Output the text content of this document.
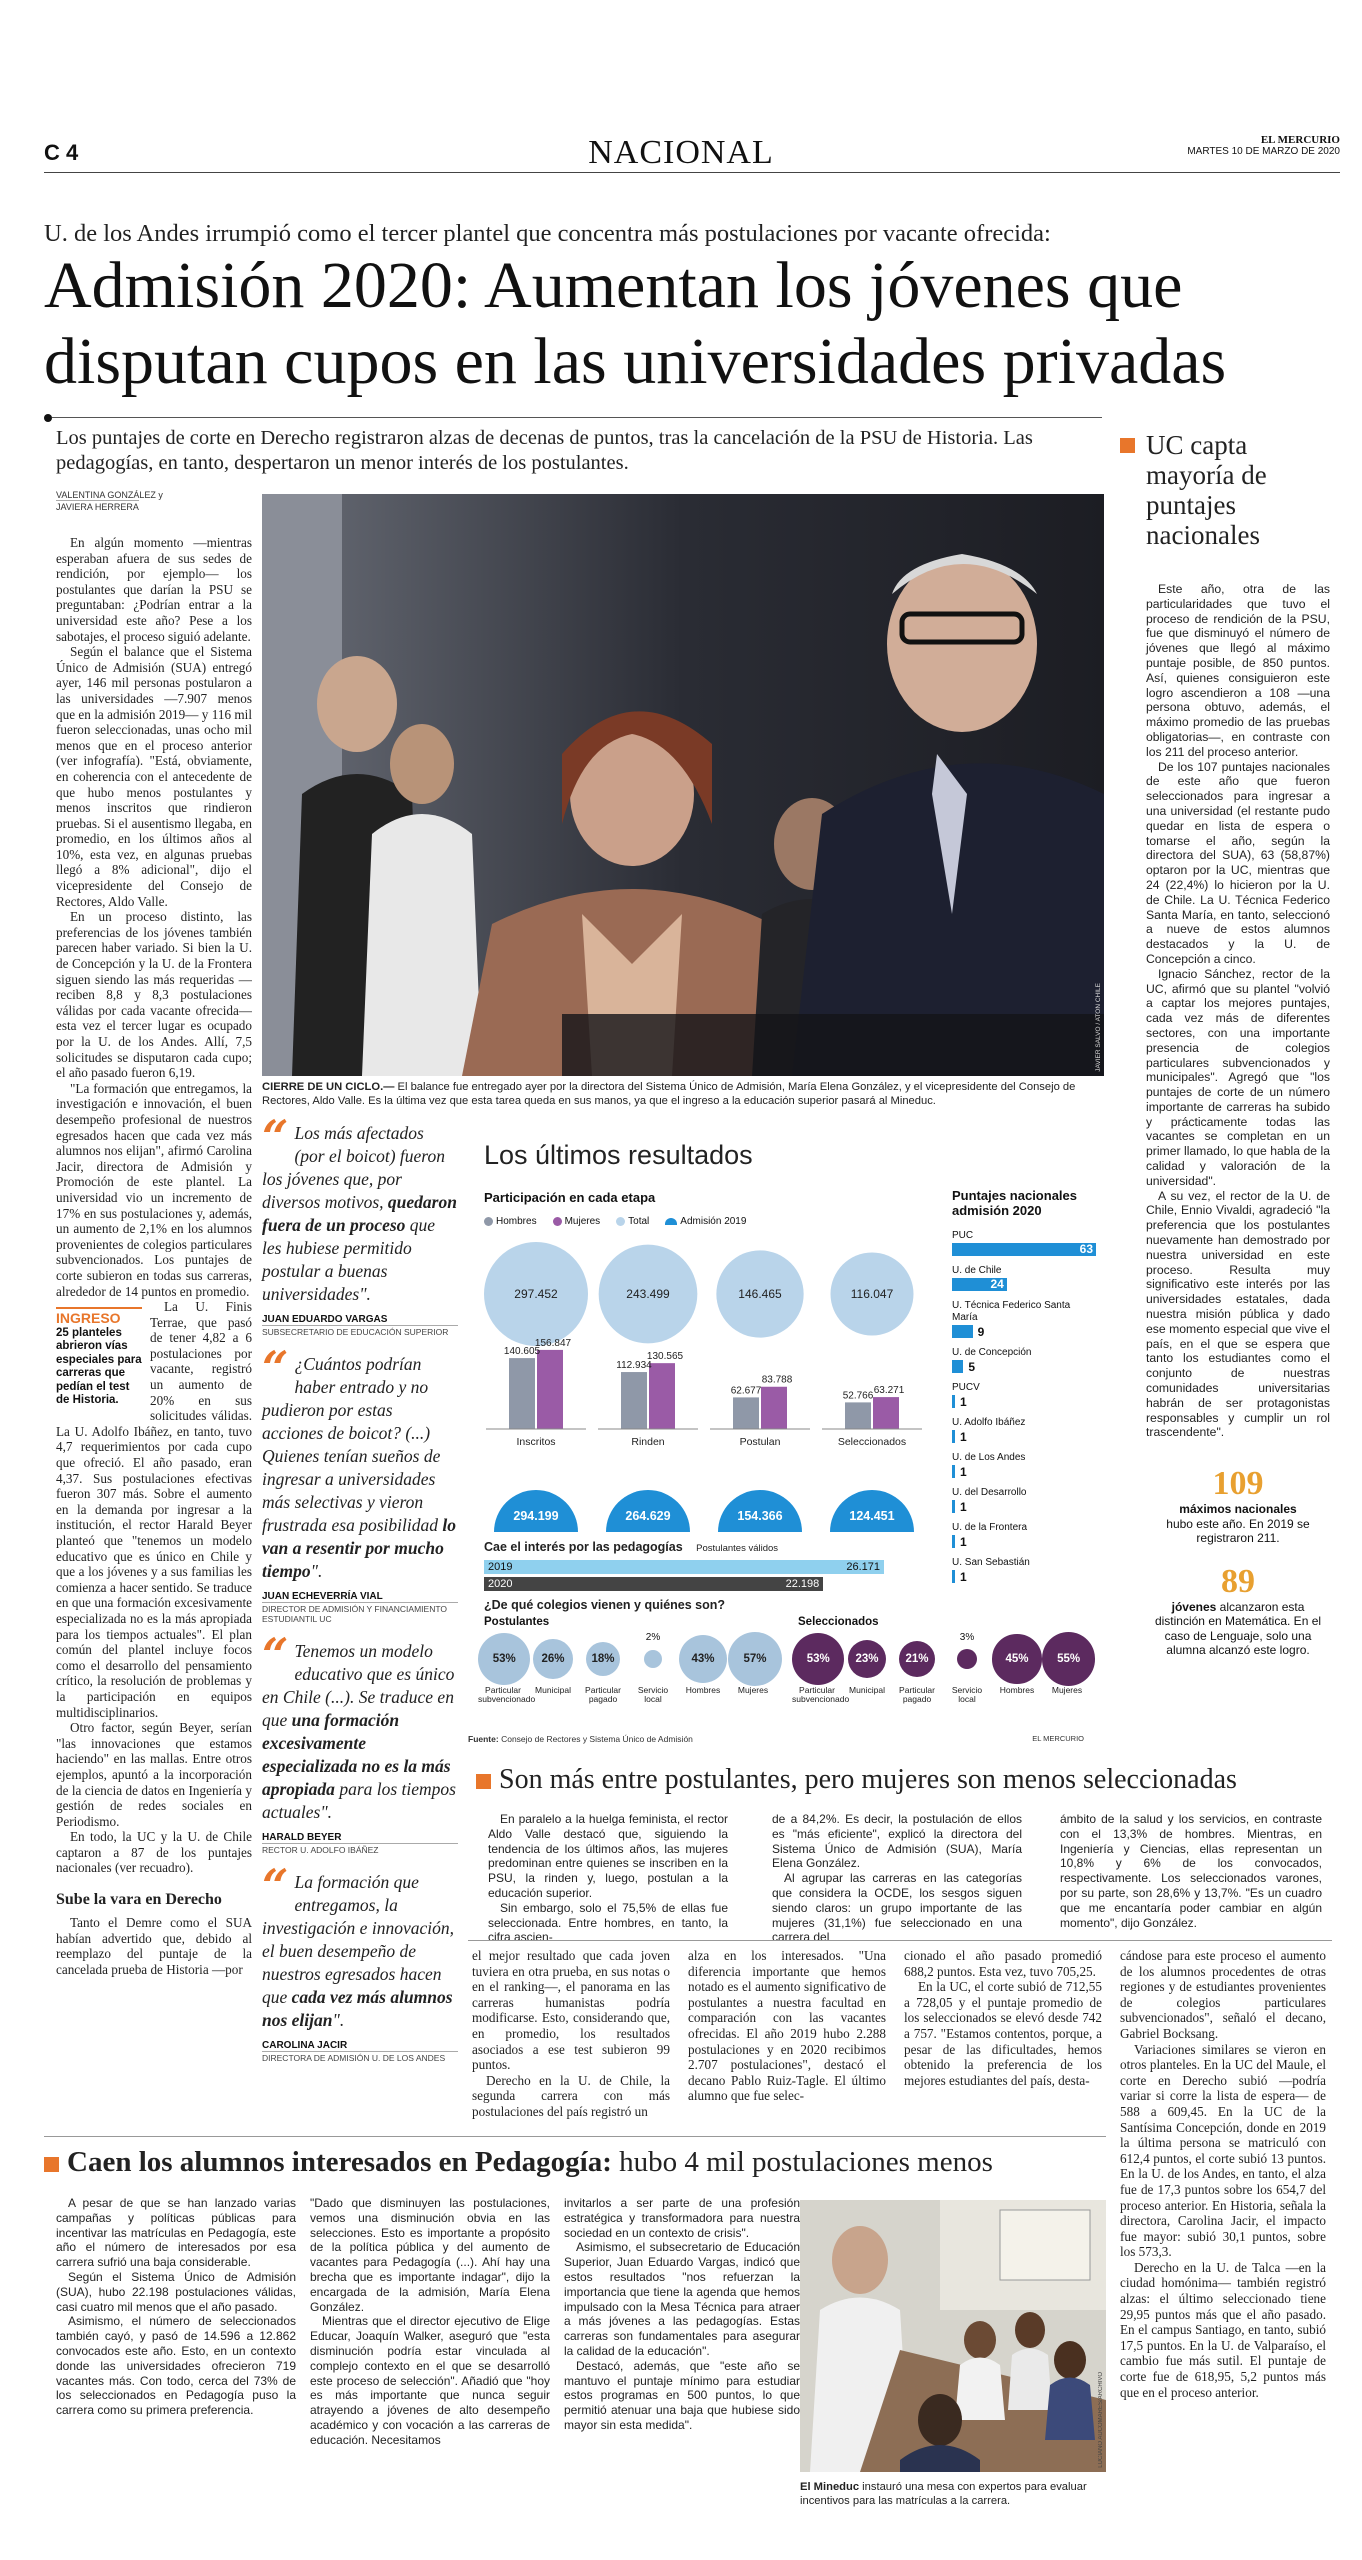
C 4	NACIONAL	EL MERCURIO
MARTES 10 DE MARZO DE 2020
U. de los Andes irrumpió como el tercer plantel que concentra más postulaciones por vacante ofrecida:
Admisión 2020: Aumentan los jóvenes que disputan cupos en las universidades privadas
Los puntajes de corte en Derecho registraron alzas de decenas de puntos, tras la cancelación de la PSU de Historia. Las pedagogías, en tanto, despertaron un menor interés de los postulantes.
VALENTINA GONZÁLEZ y
JAVIERA HERRERA

En algún momento —mientras esperaban afuera de sus sedes de rendición, por ejemplo— los postulantes que darían la PSU se preguntaban: ¿Podrían entrar a la universidad este año? Pese a los sabotajes, el proceso siguió adelante.

Según el balance que el Sistema Único de Admisión (SUA) entregó ayer, 146 mil personas postularon a las universidades —7.907 menos que en la admisión 2019— y 116 mil fueron seleccionadas, unas ocho mil menos que en el proceso anterior (ver infografía). "Está, obviamente, en coherencia con el antecedente de que hubo menos postulantes y menos inscritos que rindieron pruebas. Si el ausentismo llegaba, en promedio, en los últimos años al 10%, esta vez, en algunas pruebas llegó a 8% adicional", dijo el vicepresidente del Consejo de Rectores, Aldo Valle.

En un proceso distinto, las preferencias de los jóvenes también parecen haber variado. Si bien la U. de Concepción y la U. de la Frontera siguen siendo las más requeridas —reciben 8,8 y 8,3 postulaciones válidas por cada vacante ofrecida— esta vez el tercer lugar es ocupado por la U. de los Andes. Allí, 7,5 solicitudes se disputaron cada cupo; el año pasado fueron 6,19.

"La formación que entregamos, la investigación e innovación, el buen desempeño profesional de nuestros egresados hacen que cada vez más alumnos nos elijan", afirmó Carolina Jacir, directora de Admisión y Promoción de este plantel. La universidad vio un incremento de 17% en sus postulaciones y, además, un aumento de 2,1% en los alumnos provenientes de colegios particulares subvencionados. Los puntajes de corte subieron en todas sus carreras, alrededor de 14 puntos en promedio.

INGRESO
25 planteles abrieron vías especiales para carreras que pedían el test de Historia.

La U. Finis Terrae, que pasó de tener 4,82 a 6 postulaciones por vacante, registró un aumento de 20% en sus solicitudes válidas. La U. Adolfo Ibáñez, en tanto, tuvo 4,7 requerimientos por cada cupo que ofreció. El año pasado, eran 4,37. Sus postulaciones efectivas fueron 307 más. Sobre el aumento en la demanda por ingresar a la institución, el rector Harald Beyer planteó que "tenemos un modelo educativo que es único en Chile y que a los jóvenes y a sus familias les comienza a hacer sentido. Se traduce en que una formación excesivamente especializada no es la más apropiada para los tiempos actuales". El plan común del plantel incluye focos como el desarrollo del pensamiento crítico, la resolución de problemas y la participación en equipos multidisciplinarios.

Otro factor, según Beyer, serían "las innovaciones que estamos haciendo" en las mallas. Entre otros ejemplos, apuntó a la incorporación de la ciencia de datos en Ingeniería y gestión de redes sociales en Periodismo.

En todo, la UC y la U. de Chile captaron a 87 de los puntajes nacionales (ver recuadro).

Sube la vara en Derecho

Tanto el Demre como el SUA habían advertido que, debido al reemplazo del puntaje de la cancelada prueba de Historia —por

JAVIER SALVO / ATON CHILE
CIERRE DE UN CICLO.— El balance fue entregado ayer por la directora del Sistema Único de Admisión, María Elena González, y el vicepresidente del Consejo de Rectores, Aldo Valle. Es la última vez que esta tarea queda en sus manos, ya que el ingreso a la educación superior pasará al Mineduc.
“ Los más afectados (por el boicot) fueron los jóvenes que, por diversos motivos, quedaron fuera de un proceso que les hubiese permitido postular a buenas universidades".
JUAN EDUARDO VARGAS
SUBSECRETARIO DE EDUCACIÓN SUPERIOR
“ ¿Cuántos podrían haber entrado y no pudieron por estas acciones de boicot? (...) Quienes tenían sueños de ingresar a universidades más selectivas y vieron frustrada esa posibilidad lo van a resentir por mucho tiempo".
JUAN ECHEVERRÍA VIAL
DIRECTOR DE ADMISIÓN Y FINANCIAMIENTO ESTUDIANTIL UC
“ Tenemos un modelo educativo que es único en Chile (...). Se traduce en que una formación excesivamente especializada no es la más apropiada para los tiempos actuales".
HARALD BEYER
RECTOR U. ADOLFO IBÁÑEZ
“ La formación que entregamos, la investigación e innovación, el buen desempeño de nuestros egresados hacen que cada vez más alumnos nos elijan".
CAROLINA JACIR
DIRECTORA DE ADMISIÓN U. DE LOS ANDES
Los últimos resultados
Participación en cada etapa
Hombres	Mujeres	Total	Admisión 2019
297.452
140.605
156.847
Inscritos
294.199
243.499
112.934
130.565
Rinden
264.629
146.465
62.677
83.788
Postulan
154.366
116.047
52.766 63.271
Seleccionados
124.451
Puntajes nacionales admisión 2020
PUC
63
U. de Chile
24
U. Técnica Federico Santa María
9
U. de Concepción
5
PUCV
1
U. Adolfo Ibáñez
1
U. de Los Andes
1
U. del Desarrollo
1
U. de la Frontera
1
U. San Sebastián
1
Cae el interés por las pedagogías Postulantes válidos
2019	26.171
2020	22.198
¿De qué colegios vienen y quiénes son?
Postulantes	Seleccionados
53%
Particular subvencionado
26%
Municipal
18%
Particular pagado
2%
Servicio local
43%
Hombres
57%
Mujeres
53%
Particular subvencionado
23%
Municipal
21%
Particular pagado
3%
Servicio local
45%
Hombres
55%
Mujeres
Fuente: Consejo de Rectores y Sistema Único de Admisión	EL MERCURIO
UC capta mayoría de puntajes nacionales

Este año, otra de las particularidades que tuvo el proceso de rendición de la PSU, fue que disminuyó el número de jóvenes que llegó al máximo puntaje posible, de 850 puntos. Así, quienes consiguieron este logro ascendieron a 108 —una persona obtuvo, además, el máximo promedio de las pruebas obligatorias—, en contraste con los 211 del proceso anterior.

De los 107 puntajes nacionales de este año que fueron seleccionados para ingresar a una universidad (el restante pudo quedar en lista de espera o tomarse el año, según la directora del SUA), 63 (58,87%) optaron por la UC, mientras que 24 (22,4%) lo hicieron por la U. de Chile. La U. Técnica Federico Santa María, en tanto, seleccionó a nueve de estos alumnos destacados y la U. de Concepción a cinco.

Ignacio Sánchez, rector de la UC, afirmó que su plantel "volvió a captar los mejores puntajes, cada vez más de diferentes sectores, con una importante presencia de colegios particulares subvencionados y municipales". Agregó que "los puntajes de corte de un número importante de carreras ha subido y prácticamente todas las vacantes se completan en un primer llamado, lo que habla de la calidad y valoración de la universidad".

A su vez, el rector de la U. de Chile, Ennio Vivaldi, agradeció "la preferencia que los postulantes nuevamente han demostrado por nuestra universidad en este proceso. Resulta muy significativo este interés por las universidades estatales, dada nuestra misión pública y dado ese momento especial que vive el país, en el que se espera que tanto los estudiantes como el conjunto de nuestras comunidades universitarias habrán de ser protagonistas responsables y cumplir un rol trascendente".

109
máximos nacionales
hubo este año. En 2019 se registraron 211.
89
jóvenes alcanzaron esta distinción en Matemática. En el caso de Lenguaje, solo una alumna alcanzó este logro.
Son más entre postulantes, pero mujeres son menos seleccionadas

En paralelo a la huelga feminista, el rector Aldo Valle destacó que, siguiendo la tendencia de los últimos años, las mujeres predominan entre quienes se inscriben en la PSU, la rinden y, luego, postulan a la educación superior.

Sin embargo, solo el 75,5% de ellas fue seleccionada. Entre hombres, en tanto, la cifra ascien-

de a 84,2%. Es decir, la postulación de ellos es "más eficiente", explicó la directora del Sistema Único de Admisión (SUA), María Elena González.

Al agrupar las carreras en las categorías que considera la OCDE, los sesgos siguen siendo claros: un grupo importante de las mujeres (31,1%) fue seleccionado en una carrera del

ámbito de la salud y los servicios, en contraste con el 13,3% de hombres. Mientras, en Ingeniería y Ciencias, ellas representan un 10,8% y 6% de los convocados, respectivamente. Los seleccionados varones, por su parte, son 28,6% y 13,7%. "Es un cuadro que me encantaría poder cambiar en algún momento", dijo González.

el mejor resultado que cada joven tuviera en otra prueba, en sus notas o en el ranking—, el panorama en las carreras humanistas podría modificarse. Esto, considerando que, en promedio, los resultados asociados a ese test subieron 99 puntos.

Derecho en la U. de Chile, la segunda carrera con más postulaciones del país registró un

alza en los interesados. "Una diferencia importante que hemos notado es el aumento significativo de postulantes a nuestra facultad en comparación con las vacantes ofrecidas. El año 2019 hubo 2.288 postulaciones y en 2020 recibimos 2.707 postulaciones", destacó el decano Pablo Ruiz-Tagle. El último alumno que fue selec-

cionado el año pasado promedió 688,2 puntos. Esta vez, tuvo 705,25.

En la UC, el corte subió de 712,55 a 728,05 y el puntaje promedio de los seleccionados se elevó desde 742 a 757. "Estamos contentos, porque, a pesar de las dificultades, hemos obtenido la preferencia de los mejores estudiantes del país, desta-

cándose para este proceso el aumento de los alumnos procedentes de otras regiones y de estudiantes provenientes de colegios particulares subvencionados", señaló el decano, Gabriel Bocksang.

Variaciones similares se vieron en otros planteles. En la UC del Maule, el corte en Derecho subió —podría variar si corre la lista de espera— de 588 a 609,45. En la UC de la Santísima Concepción, donde en 2019 la última persona se matriculó con 612,4 puntos, el corte subió 13 puntos. En la U. de los Andes, en tanto, el alza fue de 17,3 puntos sobre los 654,7 del proceso anterior. En Historia, señala la directora, Carolina Jacir, el impacto fue mayor: subió 30,1 puntos, sobre los 573,3.

Derecho en la U. de Talca —en la ciudad homónima— también registró alzas: el último seleccionado tiene 29,95 puntos más que el año pasado. En el campus Santiago, en tanto, subió 17,5 puntos. En la U. de Valparaíso, el cambio fue más sutil. El puntaje de corte fue de 618,95, 5,2 puntos más que en el proceso anterior.

Caen los alumnos interesados en Pedagogía: hubo 4 mil postulaciones menos

A pesar de que se han lanzado varias campañas y políticas públicas para incentivar las matrículas en Pedagogía, este año el número de interesados por esa carrera sufrió una baja considerable.

Según el Sistema Único de Admisión (SUA), hubo 22.198 postulaciones válidas, casi cuatro mil menos que el año pasado.

Asimismo, el número de seleccionados también cayó, y pasó de 14.596 a 12.862 convocados este año. Esto, en un contexto donde las universidades ofrecieron 719 vacantes más. Con todo, cerca del 73% de los seleccionados en Pedagogía puso la carrera como su primera preferencia.

"Dado que disminuyen las postulaciones, vemos una disminución obvia en las selecciones. Esto es importante a propósito de la política pública y del aumento de vacantes para Pedagogía (...). Ahí hay una brecha que es importante indagar", dijo la encargada de la admisión, María Elena González.

Mientras que el director ejecutivo de Elige Educar, Joaquín Walker, aseguró que "esta disminución podría estar vinculada al complejo contexto en el que se desarrolló este proceso de selección". Añadió que "hoy es más importante que nunca seguir atrayendo a jóvenes de alto desempeño académico y con vocación a las carreras de educación. Necesitamos

invitarlos a ser parte de una profesión estratégica y transformadora para nuestra sociedad en un contexto de crisis".

Asimismo, el subsecretario de Educación Superior, Juan Eduardo Vargas, indicó que estos resultados "nos refuerzan la importancia que tiene la agenda que hemos impulsado con la Mesa Técnica para atraer a más jóvenes a las pedagogías. Estas carreras son fundamentales para asegurar la calidad de la educación".

Destacó, además, que "este año se mantuvo el puntaje mínimo para estudiar estos programas en 500 puntos, lo que permitió atenuar una baja que hubiese sido mayor sin esta medida".	LUCIANO AUCOMARES/ARCHIVO
El Mineduc instauró una mesa con expertos para evaluar incentivos para las matrículas a la carrera.
